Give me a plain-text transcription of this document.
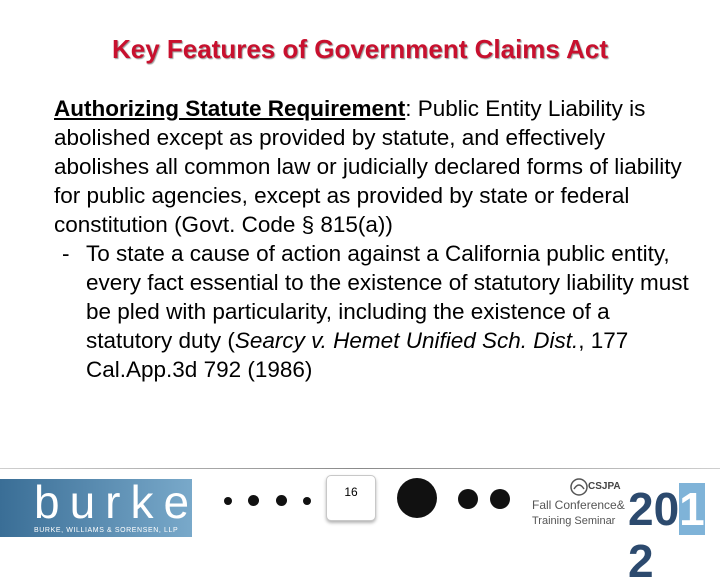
Key Features of Government Claims Act

Authorizing Statute Requirement: Public Entity Liability is abolished except as provided by statute, and effectively abolishes all common law or judicially declared forms of liability for public agencies, except as provided by state or federal constitution (Govt. Code § 815(a))

- To state a cause of action against a California public entity, every fact essential to the existence of statutory liability must be pled with particularity, including the existence of a statutory duty (Searcy v. Hemet Unified Sch. Dist., 177 Cal.App.3d 792 (1986)

burke
BURKE, WILLIAMS & SORENSEN, LLP
16	CSJPA
Fall Conference&
Training Seminar 2012
